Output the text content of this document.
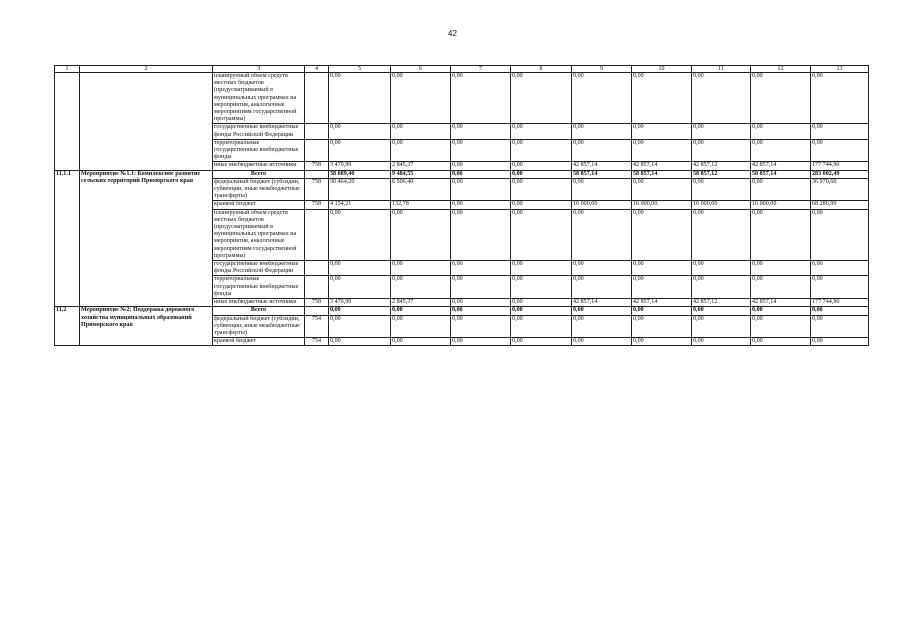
42
1	2	3	4	5	6	7	8	9	10	11	12	13
		планируемый объем средств местных бюджетов (предусматриваемый в муниципальных программах на мероприятия, аналогичные мероприятиям государственной программы)		0,00	0,00	0,00	0,00	0,00	0,00	0,00	0,00	0,00
		государственные внебюджетные фонды Российской Федерации		0,00	0,00	0,00	0,00	0,00	0,00	0,00	0,00	0,00
		территориальные государственные внебюджетные фонды		0,00	0,00	0,00	0,00	0,00	0,00	0,00	0,00	0,00
		иные внебюджетные источники	758	3 470,99	2 845,37	0,00	0,00	42 857,14	42 857,14	42 857,12	42 857,14	177 744,90
11.1.1	Мероприятие №1.1: Комплексное развитие сельских территорий Приморского края	Всего		38 089,40	9 484,55	0,00	0,00	58 857,14	58 857,14	58 857,12	58 857,14	283 002,49
		федеральный бюджет (субсидии, субвенции, иные межбюджетные трансферты)	758	30 464,20	6 506,40	0,00	0,00	0,00	0,00	0,00	0,00	36 970,60
		краевой бюджет	758	4 154,21	132,78	0,00	0,00	16 000,00	16 000,00	16 000,00	16 000,00	68 286,99
		планируемый объем средств местных бюджетов (предусматриваемый в муниципальных программах на мероприятия, аналогичные мероприятиям государственной программы)		0,00	0,00	0,00	0,00	0,00	0,00	0,00	0,00	0,00
		государственные внебюджетные фонды Российской Федерации		0,00	0,00	0,00	0,00	0,00	0,00	0,00	0,00	0,00
		территориальные государственные внебюджетные фонды		0,00	0,00	0,00	0,00	0,00	0,00	0,00	0,00	0,00
		иные внебюджетные источники	758	3 470,99	2 845,37	0,00	0,00	42 857,14	42 857,14	42 857,12	42 857,14	177 744,90
11.2	Мероприятие №2: Поддержка дорожного хозяйства муниципальных образований Приморского края	Всего		0,00	0,00	0,00	0,00	0,00	0,00	0,00	0,00	0,00
		федеральный бюджет (субсидии, субвенции, иные межбюджетные трансферты)	754	0,00	0,00	0,00	0,00	0,00	0,00	0,00	0,00	0,00
		краевой бюджет	754	0,00	0,00	0,00	0,00	0,00	0,00	0,00	0,00	0,00
